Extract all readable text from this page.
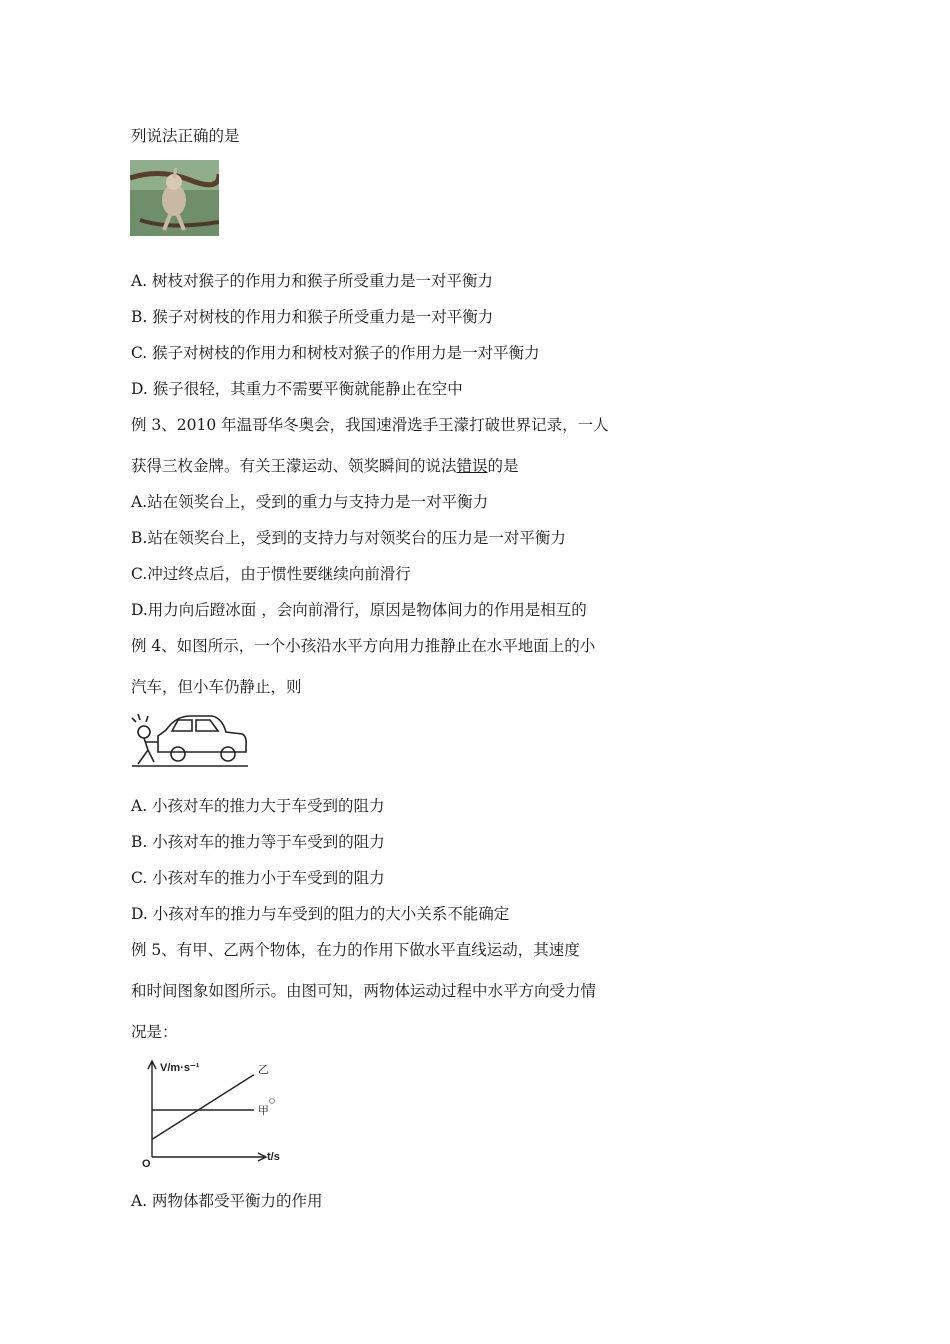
列说法正确的是
A. 树枝对猴子的作用力和猴子所受重力是一对平衡力
B. 猴子对树枝的作用力和猴子所受重力是一对平衡力
C. 猴子对树枝的作用力和树枝对猴子的作用力是一对平衡力
D. 猴子很轻，其重力不需要平衡就能静止在空中
例 3、2010 年温哥华冬奥会，我国速滑选手王濛打破世界记录，一人
获得三枚金牌。有关王濛运动、领奖瞬间的说法错误的是
A.站在领奖台上，受到的重力与支持力是一对平衡力
B.站在领奖台上，受到的支持力与对领奖台的压力是一对平衡力
C.冲过终点后，由于惯性要继续向前滑行
D.用力向后蹬冰面 ，会向前滑行，原因是物体间力的作用是相互的
例 4、如图所示，一个小孩沿水平方向用力推静止在水平地面上的小
汽车，但小车仍静止，则
A. 小孩对车的推力大于车受到的阻力
B. 小孩对车的推力等于车受到的阻力
C. 小孩对车的推力小于车受到的阻力
D. 小孩对车的推力与车受到的阻力的大小关系不能确定
例 5、有甲、乙两个物体，在力的作用下做水平直线运动，其速度
和时间图象如图所示。由图可知，两物体运动过程中水平方向受力情
况是：
V/m·s⁻¹
t/s
O
甲
乙
A. 两物体都受平衡力的作用
